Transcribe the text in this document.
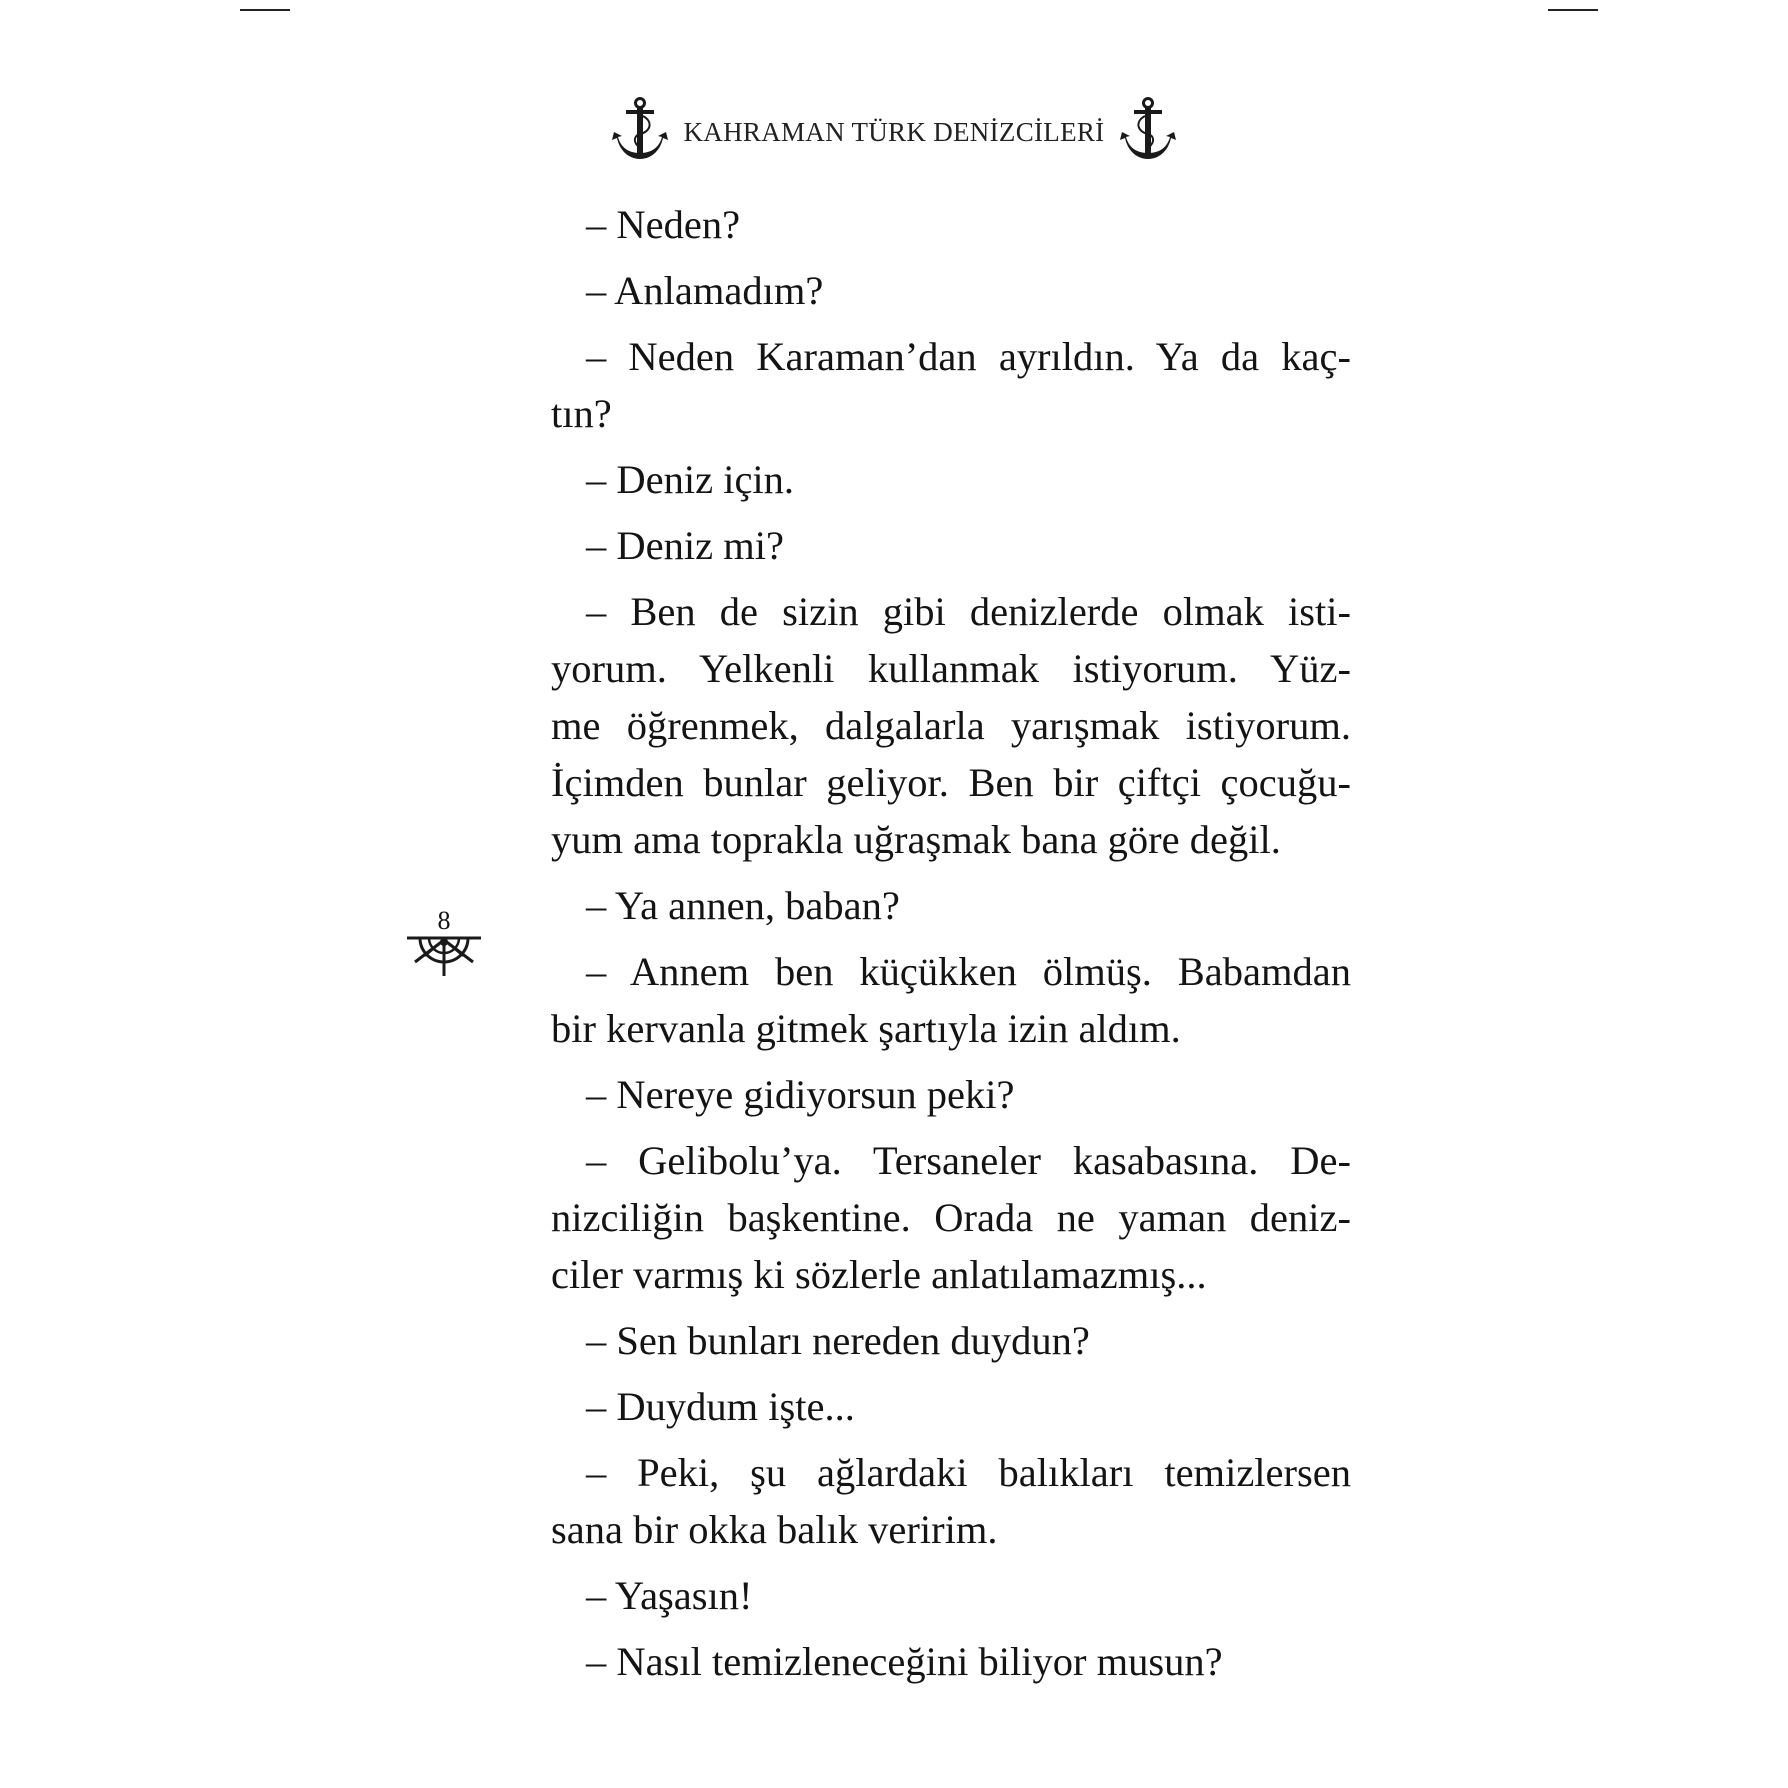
KAHRAMAN TÜRK DENİZCİLERİ
8
– Neden?
– Anlamadım?
– Neden Karaman’dan ayrıldın. Ya da kaç-
tın?
– Deniz için.
– Deniz mi?
– Ben de sizin gibi denizlerde olmak isti-
yorum. Yelkenli kullanmak istiyorum. Yüz-
me öğrenmek, dalgalarla yarışmak istiyorum.
İçimden bunlar geliyor. Ben bir çiftçi çocuğu-
yum ama toprakla uğraşmak bana göre değil.
– Ya annen, baban?
– Annem ben küçükken ölmüş. Babamdan
bir kervanla gitmek şartıyla izin aldım.
– Nereye gidiyorsun peki?
– Gelibolu’ya. Tersaneler kasabasına. De-
nizciliğin başkentine. Orada ne yaman deniz-
ciler varmış ki sözlerle anlatılamazmış...
– Sen bunları nereden duydun?
– Duydum işte...
– Peki, şu ağlardaki balıkları temizlersen
sana bir okka balık veririm.
– Yaşasın!
– Nasıl temizleneceğini biliyor musun?
